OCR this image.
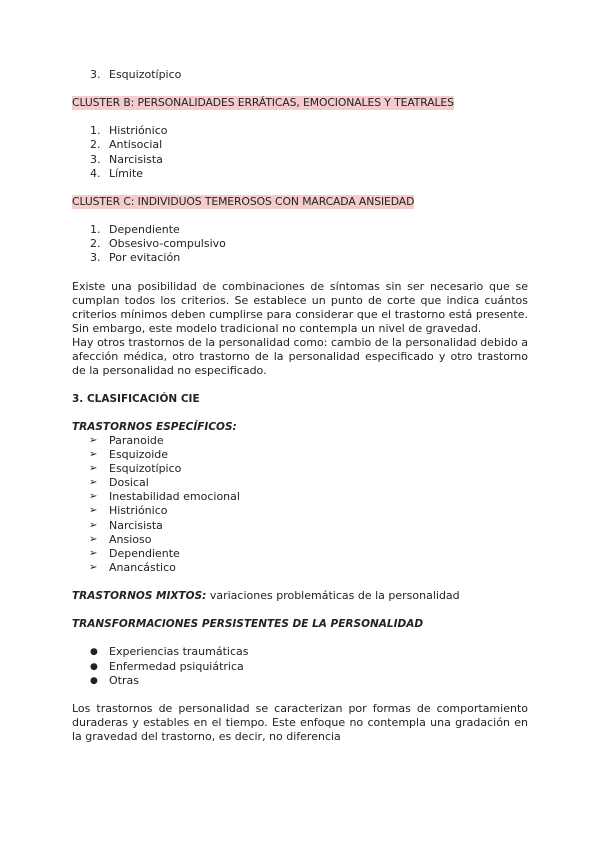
3. Esquizotípico
CLUSTER B: PERSONALIDADES ERRÁTICAS, EMOCIONALES Y TEATRALES
1. Histriónico
2. Antisocial
3. Narcisista
4. Límite
CLUSTER C: INDIVIDUOS TEMEROSOS CON MARCADA ANSIEDAD
1. Dependiente
2. Obsesivo-compulsivo
3. Por evitación

Existe una posibilidad de combinaciones de síntomas sin ser necesario que se cumplan todos los criterios. Se establece un punto de corte que indica cuántos criterios mínimos deben cumplirse para considerar que el trastorno está presente. Sin embargo, este modelo tradicional no contempla un nivel de gravedad.

Hay otros trastornos de la personalidad como: cambio de la personalidad debido a afección médica, otro trastorno de la personalidad especificado y otro trastorno de la personalidad no especificado.

3. CLASIFICACIÓN CIE
TRASTORNOS ESPECÍFICOS:
➢	Paranoide
➢	Esquizoide
➢	Esquizotípico
➢	Dosical
➢	Inestabilidad emocional
➢	Histriónico
➢	Narcisista
➢	Ansioso
➢	Dependiente
➢	Anancástico
TRASTORNOS MIXTOS: variaciones problemáticas de la personalidad
TRANSFORMACIONES PERSISTENTES DE LA PERSONALIDAD
●	Experiencias traumáticas
●	Enfermedad psiquiátrica
●	Otras

Los trastornos de personalidad se caracterizan por formas de comportamiento duraderas y estables en el tiempo. Este enfoque no contempla una gradación en la gravedad del trastorno, es decir, no diferencia
